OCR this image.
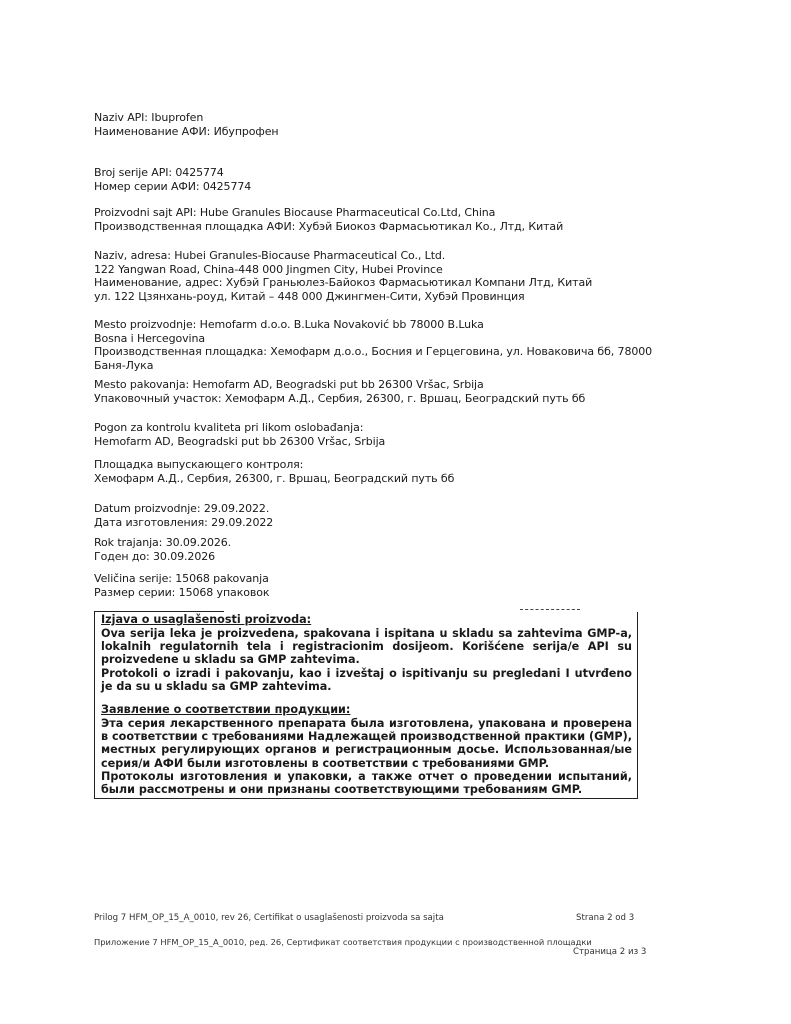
Naziv API: Ibuprofen
Наименование АФИ: Ибупрофен
Broj serije API: 0425774
Номер серии АФИ: 0425774
Proizvodni sajt API: Hube Granules Biocause Pharmaceutical Co.Ltd, China
Производственная площадка АФИ: Хубэй Биокоз Фармасьютикал Ко., Лтд, Китай
Naziv, adresa: Hubei Granules-Biocause Pharmaceutical Co., Ltd.
122 Yangwan Road, China-448 000 Jingmen City, Hubei Province
Наименование, адрес: Хубэй Граньюлез-Байокоз Фармасьютикал Компани Лтд, Китай
ул. 122 Цзянхань-роуд, Китай – 448 000 Джингмен-Сити, Хубэй Провинция
Mesto proizvodnje: Hemofarm d.o.o. B.Luka Novaković bb 78000 B.Luka
Bosna i Hercegovina
Производственная площадка: Хемофарм д.о.о., Босния и Герцеговина, ул. Новаковича бб, 78000
Баня-Лука
Mesto pakovanja: Hemofarm AD, Beogradski put bb 26300 Vršac, Srbija
Упаковочный участок: Хемофарм А.Д., Сербия, 26300, г. Вршац, Београдский путь бб
Pogon za kontrolu kvaliteta pri likom oslobađanja:
Hemofarm AD, Beogradski put bb 26300 Vršac, Srbija
Площадка выпускающего контроля:
Хемофарм А.Д., Сербия, 26300, г. Вршац, Београдский путь бб
Datum proizvodnje: 29.09.2022.
Дата изготовления: 29.09.2022
Rok trajanja: 30.09.2026.
Годен до: 30.09.2026
Veličina serije: 15068 pakovanja
Размер серии: 15068 упаковок
Izjava o usaglašenosti proizvoda:
Ova serija leka je proizvedena, spakovana i ispitana u skladu sa zahtevima GMP-a, lokalnih regulatornih tela i registracionim dosijeom. Korišćene serija/e API su proizvedene u skladu sa GMP zahtevima.
Protokoli o izradi i pakovanju, kao i izveštaj o ispitivanju su pregledani I utvrđeno je da su u skladu sa GMP zahtevima.
Заявление о соответствии продукции:
Эта серия лекарственного препарата была изготовлена, упакована и проверена в соответствии с требованиями Надлежащей производственной практики (GMP), местных регулирующих органов и регистрационным досье. Использованная/ые серия/и АФИ были изготовлены в соответствии с требованиями GMP.
Протоколы изготовления и упаковки, а также отчет о проведении испытаний, были рассмотрены и они признаны соответствующими требованиям GMP.
Prilog 7 HFM_OP_15_A_0010, rev 26, Certifikat o usaglašenosti proizvoda sa sajta	Strana 2 od 3
Приложение 7 HFM_OP_15_A_0010, ред. 26, Сертификат соответствия продукции с производственной площадки
Страница 2 из 3
